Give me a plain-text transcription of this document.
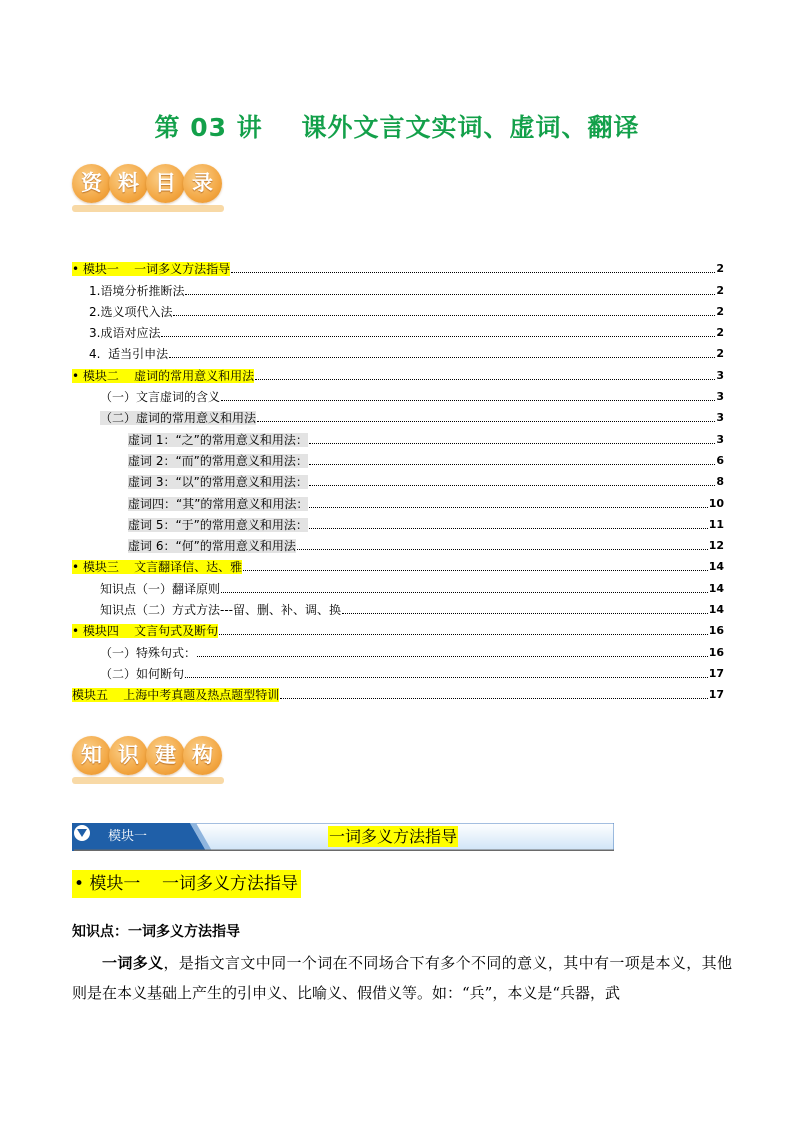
第 03 讲    课外文言文实词、虚词、翻译
资 料 目 录
• 模块一    一词多义方法指导	2
1.语境分析推断法	2
2.选义项代入法	2
3.成语对应法	2
4.  适当引申法	2
• 模块二    虚词的常用意义和用法	3
（一）文言虚词的含义	3
（二）虚词的常用意义和用法	3
虚词 1：“之”的常用意义和用法：	3
虚词 2：“而”的常用意义和用法：	6
虚词 3：“以”的常用意义和用法：	8
虚词四：“其”的常用意义和用法：	10
虚词 5：“于”的常用意义和用法：	11
虚词 6：“何”的常用意义和用法	12
• 模块三    文言翻译信、达、雅	14
知识点（一）翻译原则	14
知识点（二）方式方法---留、删、补、调、换	14
• 模块四    文言句式及断句	16
（一）特殊句式：	16
（二）如何断句	17
模块五    上海中考真题及热点题型特训	17
知 识 建 构
模块一	一词多义方法指导
• 模块一    一词多义方法指导
知识点：一词多义方法指导

一词多义，是指文言文中同一个词在不同场合下有多个不同的意义，其中有一项是本义，其他则是在本义基础上产生的引申义、比喻义、假借义等。如：“兵”，本义是“兵器，武
